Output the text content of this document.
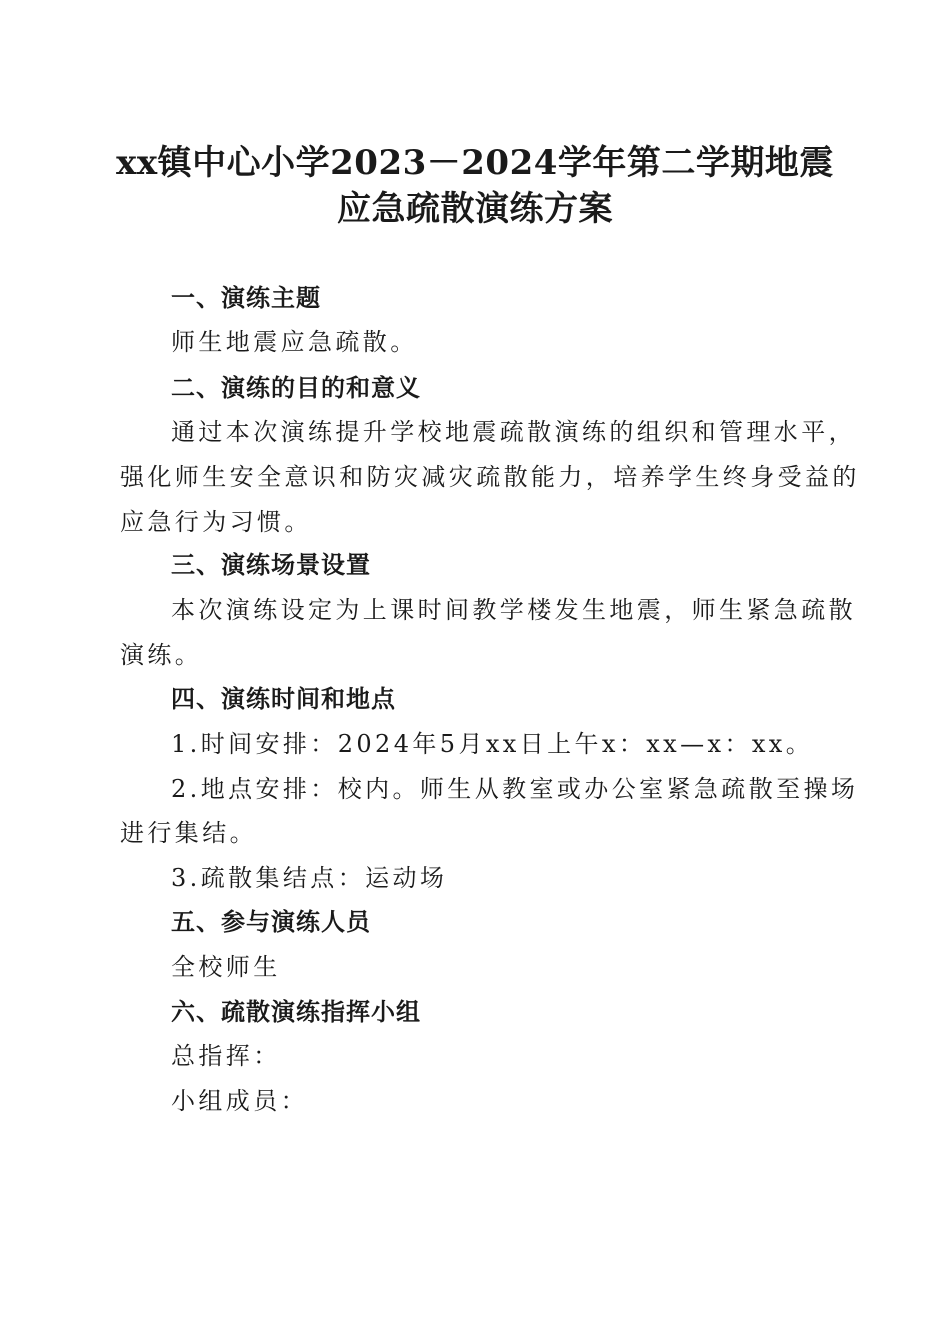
xx镇中心小学2023－2024学年第二学期地震
应急疏散演练方案
一、演练主题
师生地震应急疏散。
二、演练的目的和意义
通过本次演练提升学校地震疏散演练的组织和管理水平，
强化师生安全意识和防灾减灾疏散能力，培养学生终身受益的
应急行为习惯。
三、演练场景设置
本次演练设定为上课时间教学楼发生地震，师生紧急疏散
演练。
四、演练时间和地点
1.时间安排：2024年5月xx日上午x：xx—x：xx。
2.地点安排：校内。师生从教室或办公室紧急疏散至操场
进行集结。
3.疏散集结点：运动场
五、参与演练人员
全校师生
六、疏散演练指挥小组
总指挥：
小组成员：
